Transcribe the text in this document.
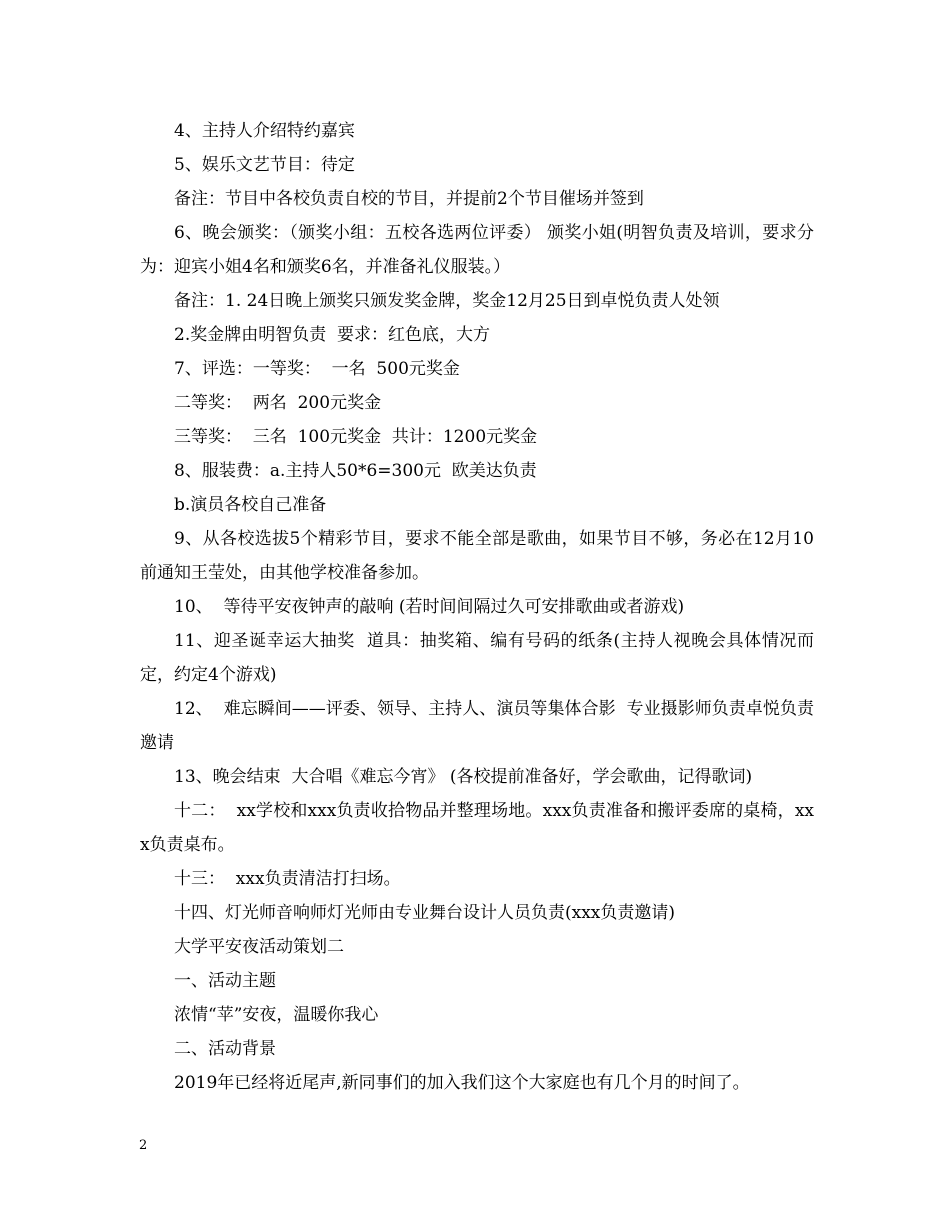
4、主持人介绍特约嘉宾

5、娱乐文艺节目：待定

备注：节目中各校负责自校的节目，并提前2个节目催场并签到

6、晚会颁奖：（颁奖小组：五校各选两位评委） 颁奖小姐(明智负责及培训，要求分为：迎宾小姐4名和颁奖6名，并准备礼仪服装。）

备注：1. 24日晚上颁奖只颁发奖金牌，奖金12月25日到卓悦负责人处领

2.奖金牌由明智负责  要求：红色底，大方

7、评选：一等奖：  一名  500元奖金

二等奖：  两名  200元奖金

三等奖：  三名  100元奖金  共计：1200元奖金

8、服装费：a.主持人50*6=300元  欧美达负责

b.演员各校自己准备

9、从各校选拔5个精彩节目，要求不能全部是歌曲，如果节目不够，务必在12月10前通知王莹处，由其他学校准备参加。

10、  等待平安夜钟声的敲响 (若时间间隔过久可安排歌曲或者游戏)

11、迎圣诞幸运大抽奖  道具：抽奖箱、编有号码的纸条(主持人视晚会具体情况而定，约定4个游戏)

12、  难忘瞬间——评委、领导、主持人、演员等集体合影  专业摄影师负责卓悦负责邀请

13、晚会结束  大合唱《难忘今宵》 (各校提前准备好，学会歌曲，记得歌词)

十二：  xx学校和xxx负责收拾物品并整理场地。xxx负责准备和搬评委席的桌椅，xxx负责桌布。

十三：  xxx负责清洁打扫场。

十四、灯光师音响师灯光师由专业舞台设计人员负责(xxx负责邀请)

大学平安夜活动策划二

一、活动主题

浓情“苹”安夜，温暖你我心

二、活动背景

2019年已经将近尾声,新同事们的加入我们这个大家庭也有几个月的时间了。

2
